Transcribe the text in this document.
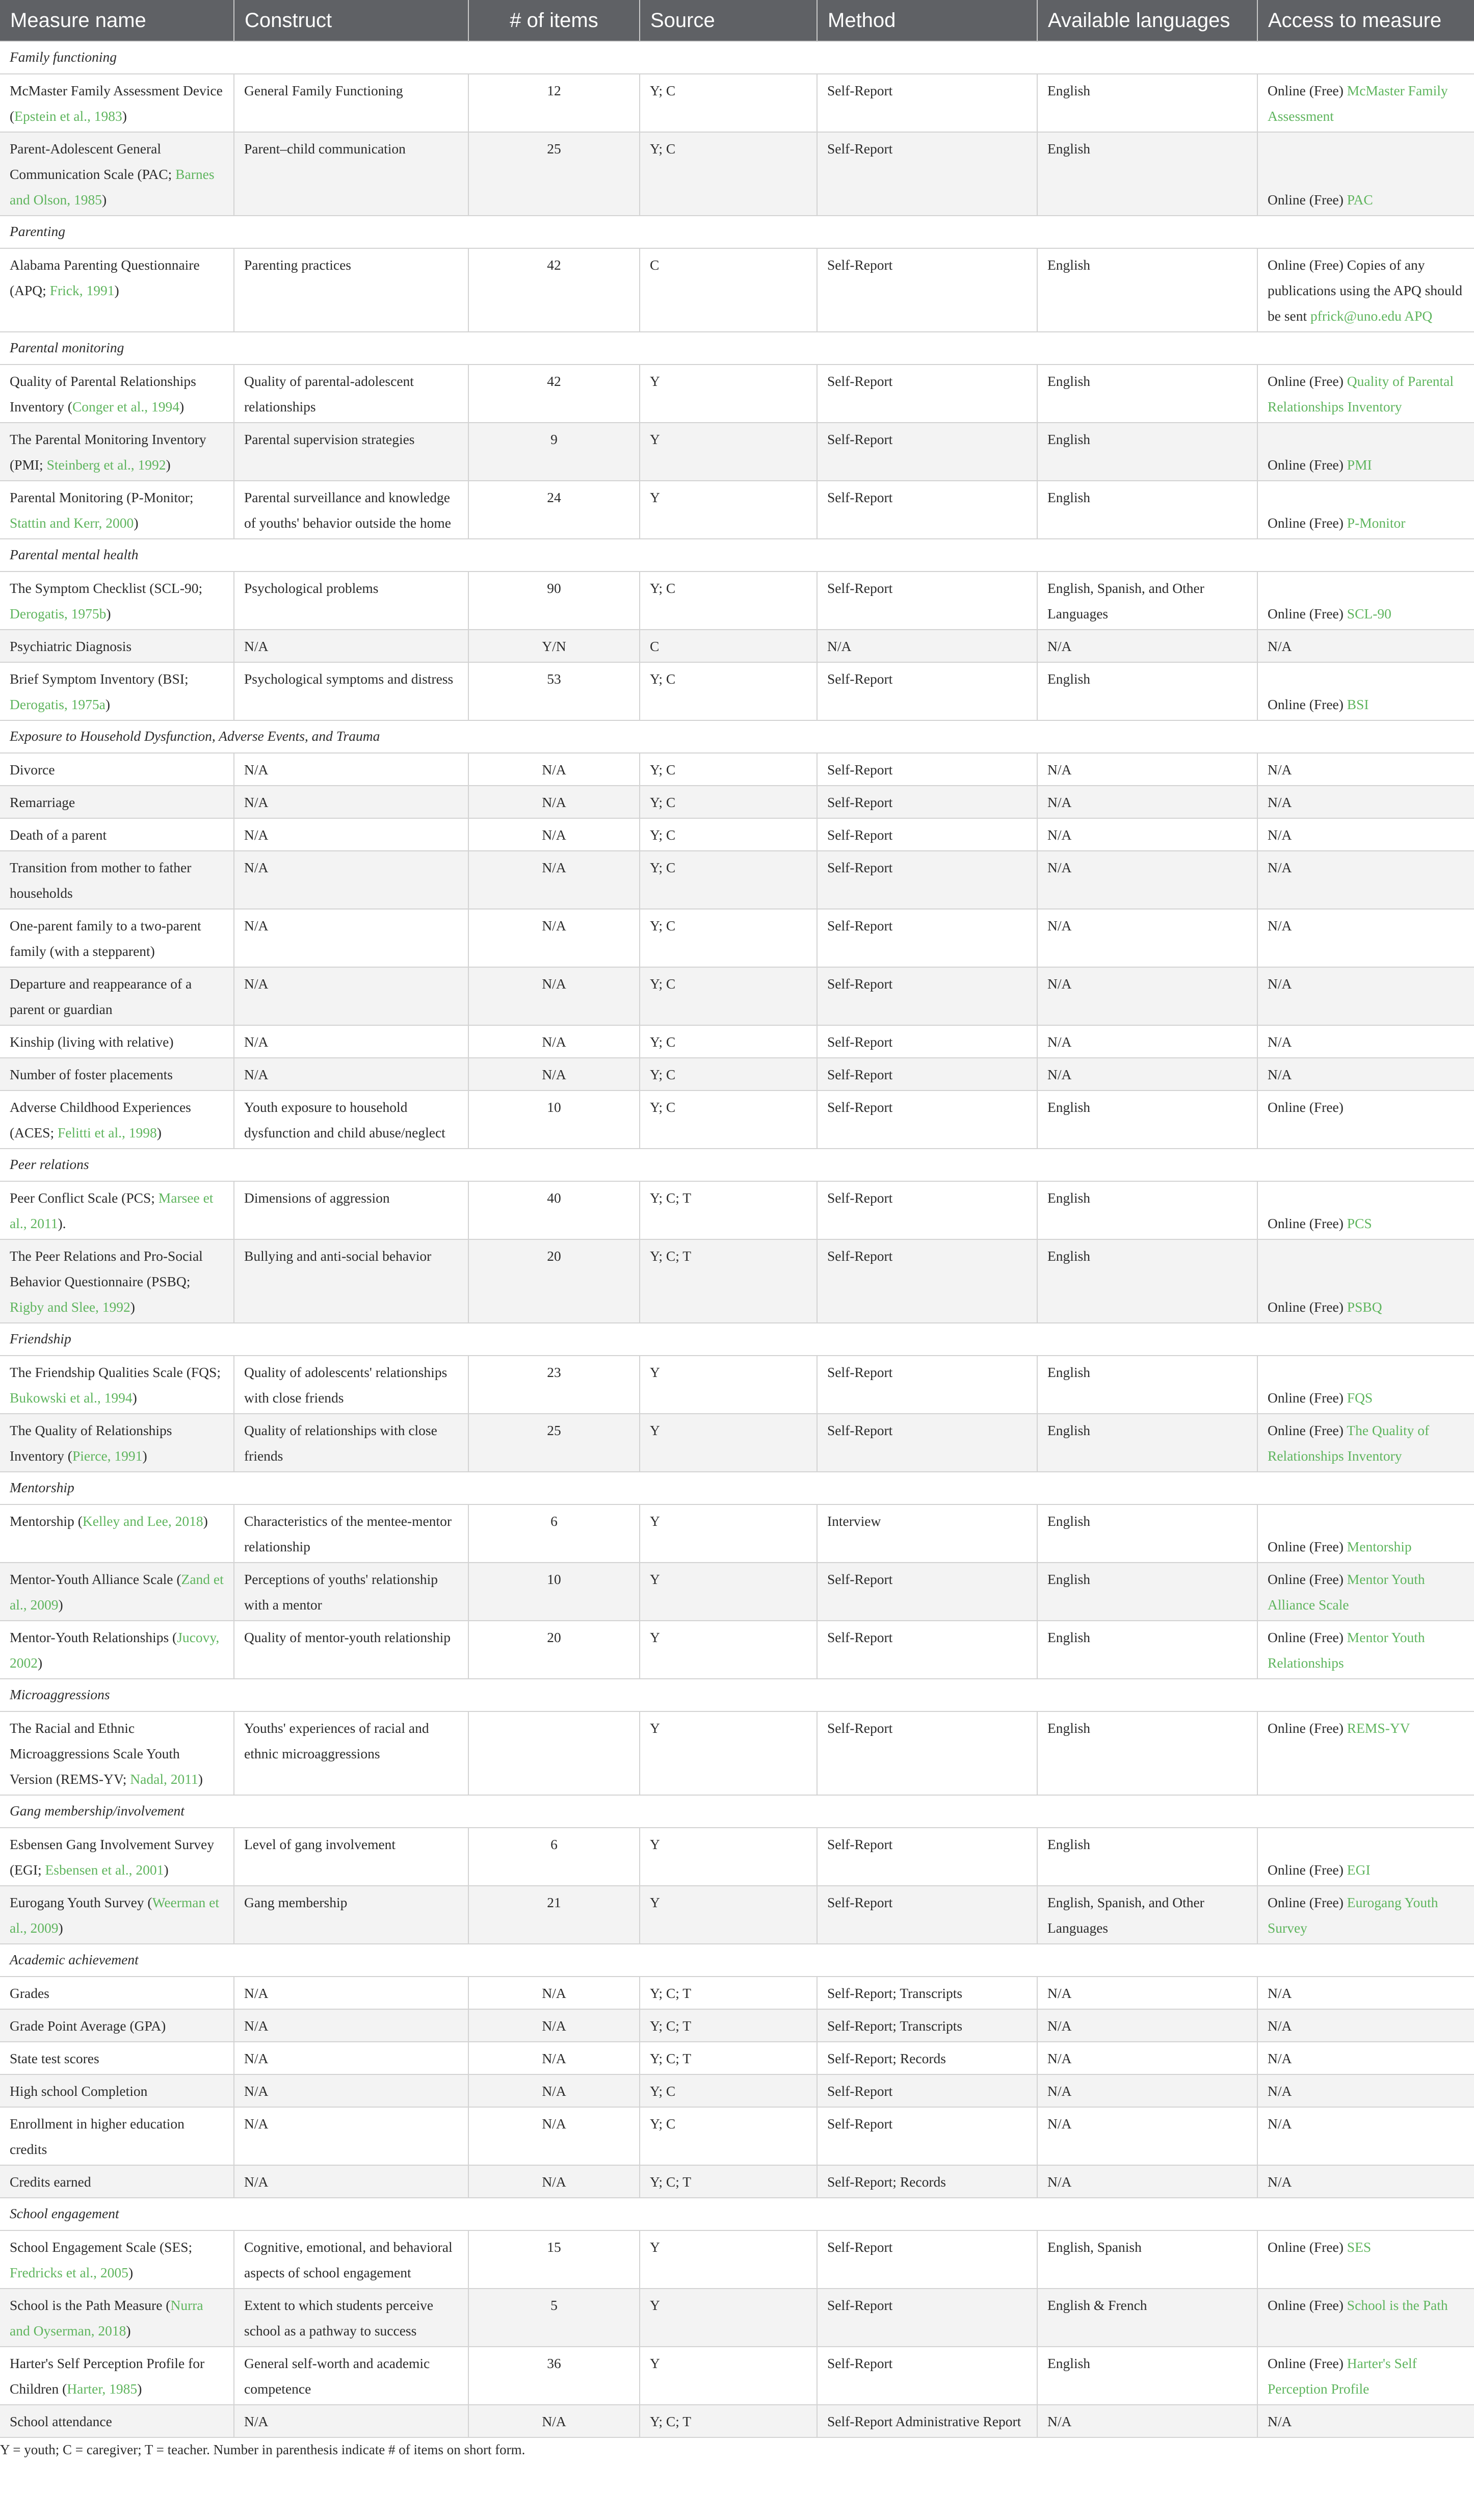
Measure name	Construct	# of items	Source	Method	Available languages	Access to measure
Family functioning						
McMaster Family Assessment Device (Epstein et al., 1983)	General Family Functioning	12	Y; C	Self-Report	English	Online (Free) McMaster Family Assessment
Parent-Adolescent General Communication Scale (PAC; Barnes and Olson, 1985)	Parent–child communication	25	Y; C	Self-Report	English	Online (Free) PAC
Parenting						
Alabama Parenting Questionnaire (APQ; Frick, 1991)	Parenting practices	42	C	Self-Report	English	Online (Free) Copies of any publications using the APQ should be sent pfrick@uno.edu APQ
Parental monitoring						
Quality of Parental Relationships Inventory (Conger et al., 1994)	Quality of parental-adolescent relationships	42	Y	Self-Report	English	Online (Free) Quality of Parental Relationships Inventory
The Parental Monitoring Inventory (PMI; Steinberg et al., 1992)	Parental supervision strategies	9	Y	Self-Report	English	Online (Free) PMI
Parental Monitoring (P-Monitor; Stattin and Kerr, 2000)	Parental surveillance and knowledge of youths' behavior outside the home	24	Y	Self-Report	English	Online (Free) P-Monitor
Parental mental health						
The Symptom Checklist (SCL-90; Derogatis, 1975b)	Psychological problems	90	Y; C	Self-Report	English, Spanish, and Other Languages	Online (Free) SCL-90
Psychiatric Diagnosis	N/A	Y/N	C	N/A	N/A	N/A
Brief Symptom Inventory (BSI; Derogatis, 1975a)	Psychological symptoms and distress	53	Y; C	Self-Report	English	Online (Free) BSI
Exposure to Household Dysfunction, Adverse Events, and Trauma						
Divorce	N/A	N/A	Y; C	Self-Report	N/A	N/A
Remarriage	N/A	N/A	Y; C	Self-Report	N/A	N/A
Death of a parent	N/A	N/A	Y; C	Self-Report	N/A	N/A
Transition from mother to father households	N/A	N/A	Y; C	Self-Report	N/A	N/A
One-parent family to a two-parent family (with a stepparent)	N/A	N/A	Y; C	Self-Report	N/A	N/A
Departure and reappearance of a parent or guardian	N/A	N/A	Y; C	Self-Report	N/A	N/A
Kinship (living with relative)	N/A	N/A	Y; C	Self-Report	N/A	N/A
Number of foster placements	N/A	N/A	Y; C	Self-Report	N/A	N/A
Adverse Childhood Experiences (ACES; Felitti et al., 1998)	Youth exposure to household dysfunction and child abuse/neglect	10	Y; C	Self-Report	English	Online (Free)
Peer relations						
Peer Conflict Scale (PCS; Marsee et al., 2011).	Dimensions of aggression	40	Y; C; T	Self-Report	English	Online (Free) PCS
The Peer Relations and Pro-Social Behavior Questionnaire (PSBQ; Rigby and Slee, 1992)	Bullying and anti-social behavior	20	Y; C; T	Self-Report	English	Online (Free) PSBQ
Friendship						
The Friendship Qualities Scale (FQS; Bukowski et al., 1994)	Quality of adolescents' relationships with close friends	23	Y	Self-Report	English	Online (Free) FQS
The Quality of Relationships Inventory (Pierce, 1991)	Quality of relationships with close friends	25	Y	Self-Report	English	Online (Free) The Quality of Relationships Inventory
Mentorship						
Mentorship (Kelley and Lee, 2018)	Characteristics of the mentee-mentor relationship	6	Y	Interview	English	Online (Free) Mentorship
Mentor-Youth Alliance Scale (Zand et al., 2009)	Perceptions of youths' relationship with a mentor	10	Y	Self-Report	English	Online (Free) Mentor Youth Alliance Scale
Mentor-Youth Relationships (Jucovy, 2002)	Quality of mentor-youth relationship	20	Y	Self-Report	English	Online (Free) Mentor Youth Relationships
Microaggressions						
The Racial and Ethnic Microaggressions Scale Youth Version (REMS-YV; Nadal, 2011)	Youths' experiences of racial and ethnic microaggressions		Y	Self-Report	English	Online (Free) REMS-YV
Gang membership/involvement						
Esbensen Gang Involvement Survey (EGI; Esbensen et al., 2001)	Level of gang involvement	6	Y	Self-Report	English	Online (Free) EGI
Eurogang Youth Survey (Weerman et al., 2009)	Gang membership	21	Y	Self-Report	English, Spanish, and Other Languages	Online (Free) Eurogang Youth Survey
Academic achievement						
Grades	N/A	N/A	Y; C; T	Self-Report; Transcripts	N/A	N/A
Grade Point Average (GPA)	N/A	N/A	Y; C; T	Self-Report; Transcripts	N/A	N/A
State test scores	N/A	N/A	Y; C; T	Self-Report; Records	N/A	N/A
High school Completion	N/A	N/A	Y; C	Self-Report	N/A	N/A
Enrollment in higher education credits	N/A	N/A	Y; C	Self-Report	N/A	N/A
Credits earned	N/A	N/A	Y; C; T	Self-Report; Records	N/A	N/A
School engagement						
School Engagement Scale (SES; Fredricks et al., 2005)	Cognitive, emotional, and behavioral aspects of school engagement	15	Y	Self-Report	English, Spanish	Online (Free) SES
School is the Path Measure (Nurra and Oyserman, 2018)	Extent to which students perceive school as a pathway to success	5	Y	Self-Report	English & French	Online (Free) School is the Path
Harter's Self Perception Profile for Children (Harter, 1985)	General self-worth and academic competence	36	Y	Self-Report	English	Online (Free) Harter's Self Perception Profile
School attendance	N/A	N/A	Y; C; T	Self-Report Administrative Report	N/A	N/A
Y = youth; C = caregiver; T = teacher. Number in parenthesis indicate # of items on short form.
